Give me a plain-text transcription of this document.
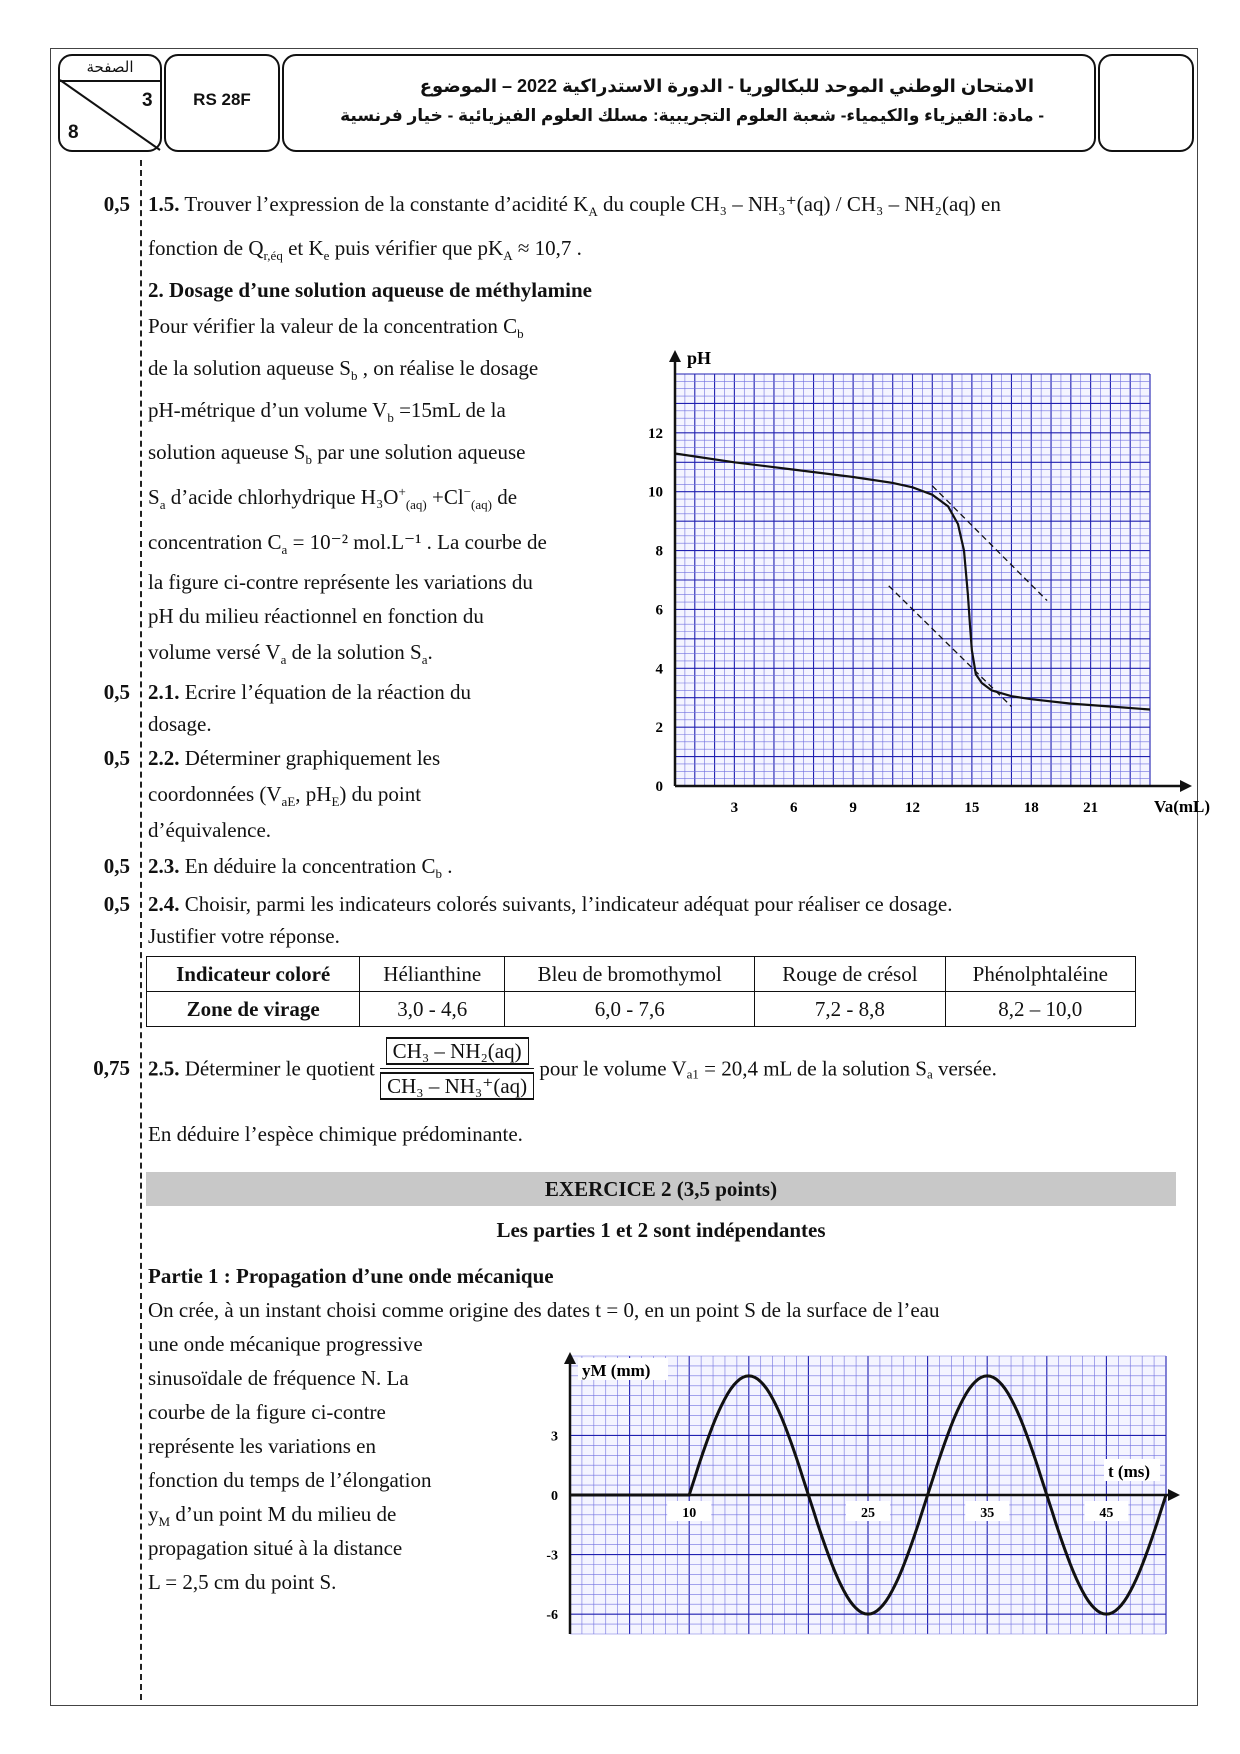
الصفحة
3
8
RS 28F
الامتحان الوطني الموحد للبكالوريا - الدورة الاستدراكية 2022 – الموضوع
- مادة: الفيزياء والكيمياء- شعبة العلوم التجريبية: مسلك العلوم الفيزيائية - خيار فرنسية
0,5
0,5
0,5
0,5
0,5
0,75
1.5. Trouver l’expression de la constante d’acidité $K_A$ du couple CH₃ – NH₃⁺(aq) / CH₃ – NH₂(aq) en
fonction de $Q_{r,éq}$ et $K_e$ puis vérifier que $pK_A \approx 10,7$ .
2. Dosage d’une solution aqueuse de méthylamine
Pour vérifier la valeur de la concentration $C_b$
de la solution aqueuse $S_b$ , on réalise le dosage
pH-métrique d’un volume $V_b =15mL$ de la
solution aqueuse $S_b$ par une solution aqueuse
$S_a$ d’acide chlorhydrique $H_3O^+_{(aq)} +Cl^-_{(aq)}$ de
concentration $C_a = 10^{-2}$ mol.L⁻¹ . La courbe de
la figure ci-contre représente les variations du
pH du milieu réactionnel en fonction du
volume versé $V_a$ de la solution $S_a$.
2.1. Ecrire l’équation de la réaction du
dosage.
2.2. Déterminer graphiquement les
coordonnées ($V_{aE}$, $pH_E$) du point
d’équivalence.
2.3. En déduire la concentration $C_b$ .
2.4. Choisir, parmi les indicateurs colorés suivants, l’indicateur adéquat pour réaliser ce dosage.
Justifier votre réponse.
Indicateur coloré	Hélianthine	Bleu de bromothymol	Rouge de crésol	Phénolphtaléine
Zone de virage	3,0 - 4,6	6,0 - 7,6	7,2 - 8,8	8,2 – 10,0
2.5. Déterminer le quotient $\frac{\text{CH₃ – NH₂(aq)}}{\text{CH₃ – NH₃⁺(aq)}}$ pour le volume $V_{a1} = 20,4$ mL de la solution $S_a$ versée.
En déduire l’espèce chimique prédominante.
EXERCICE 2 (3,5 points)
Les parties 1 et 2 sont indépendantes
Partie 1 : Propagation d’une onde mécanique
On crée, à un instant choisi comme origine des dates t = 0, en un point S de la surface de l’eau
une onde mécanique progressive
sinusoïdale de fréquence N. La
courbe de la figure ci-contre
représente les variations en
fonction du temps de l’élongation
$y_M$ d’un point M du milieu de
propagation situé à la distance
L = 2,5 cm du point S.
pH
Va(mL)
3	6	9	12	15	18	21
0
2
4
6
8
10
12
yM (mm)
t (ms)
10	25	35	45
3
0
-3
-6
